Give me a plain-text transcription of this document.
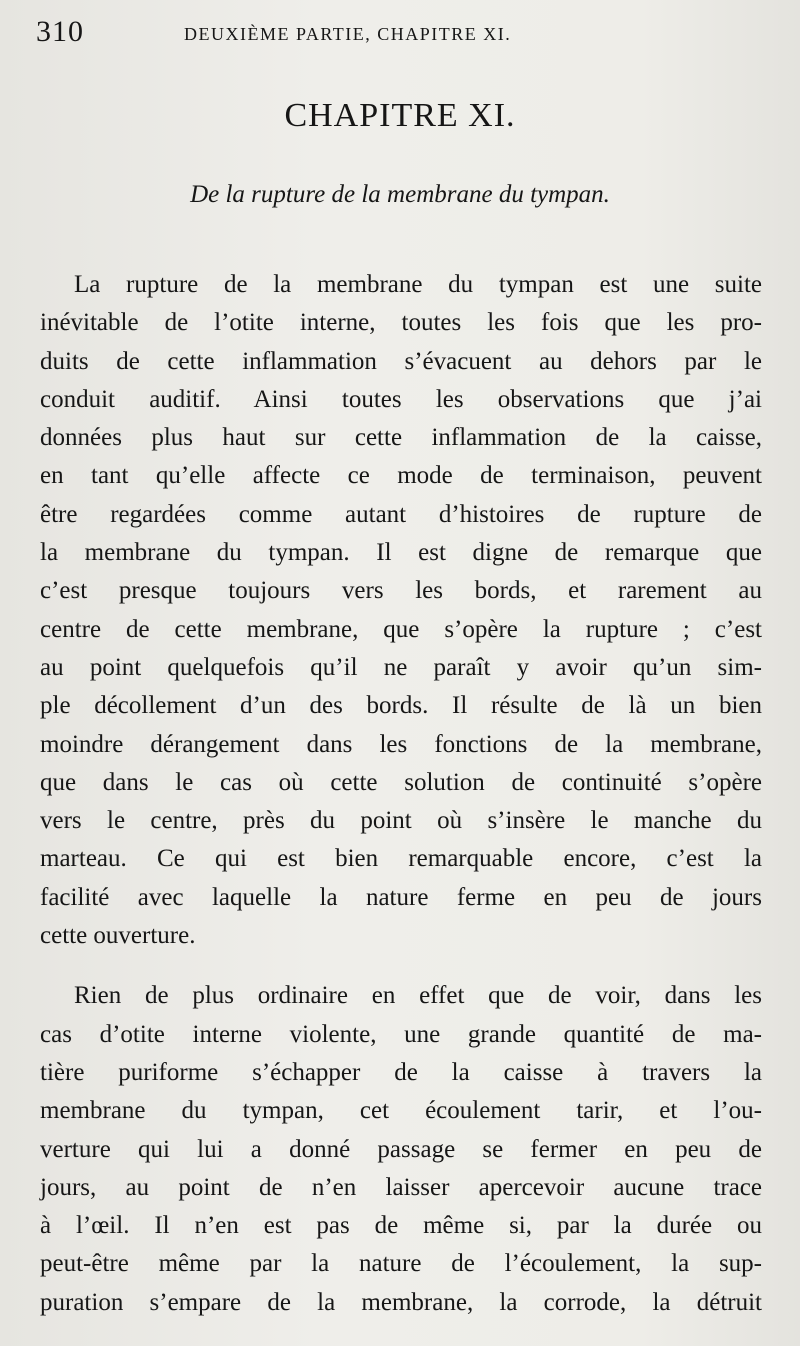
310	DEUXIÈME PARTIE, CHAPITRE XI.
CHAPITRE XI.
De la rupture de la membrane du tympan.
La rupture de la membrane du tympan est une suite
inévitable de l’otite interne, toutes les fois que les pro-
duits de cette inflammation s’évacuent au dehors par le
conduit auditif. Ainsi toutes les observations que j’ai
données plus haut sur cette inflammation de la caisse,
en tant qu’elle affecte ce mode de terminaison, peuvent
être regardées comme autant d’histoires de rupture de
la membrane du tympan. Il est digne de remarque que
c’est presque toujours vers les bords, et rarement au
centre de cette membrane, que s’opère la rupture ; c’est
au point quelquefois qu’il ne paraît y avoir qu’un sim-
ple décollement d’un des bords. Il résulte de là un bien
moindre dérangement dans les fonctions de la membrane,
que dans le cas où cette solution de continuité s’opère
vers le centre, près du point où s’insère le manche du
marteau. Ce qui est bien remarquable encore, c’est la
facilité avec laquelle la nature ferme en peu de jours
cette ouverture.
Rien de plus ordinaire en effet que de voir, dans les
cas d’otite interne violente, une grande quantité de ma-
tière puriforme s’échapper de la caisse à travers la
membrane du tympan, cet écoulement tarir, et l’ou-
verture qui lui a donné passage se fermer en peu de
jours, au point de n’en laisser apercevoir aucune trace
à l’œil. Il n’en est pas de même si, par la durée ou
peut-être même par la nature de l’écoulement, la sup-
puration s’empare de la membrane, la corrode, la détruit
